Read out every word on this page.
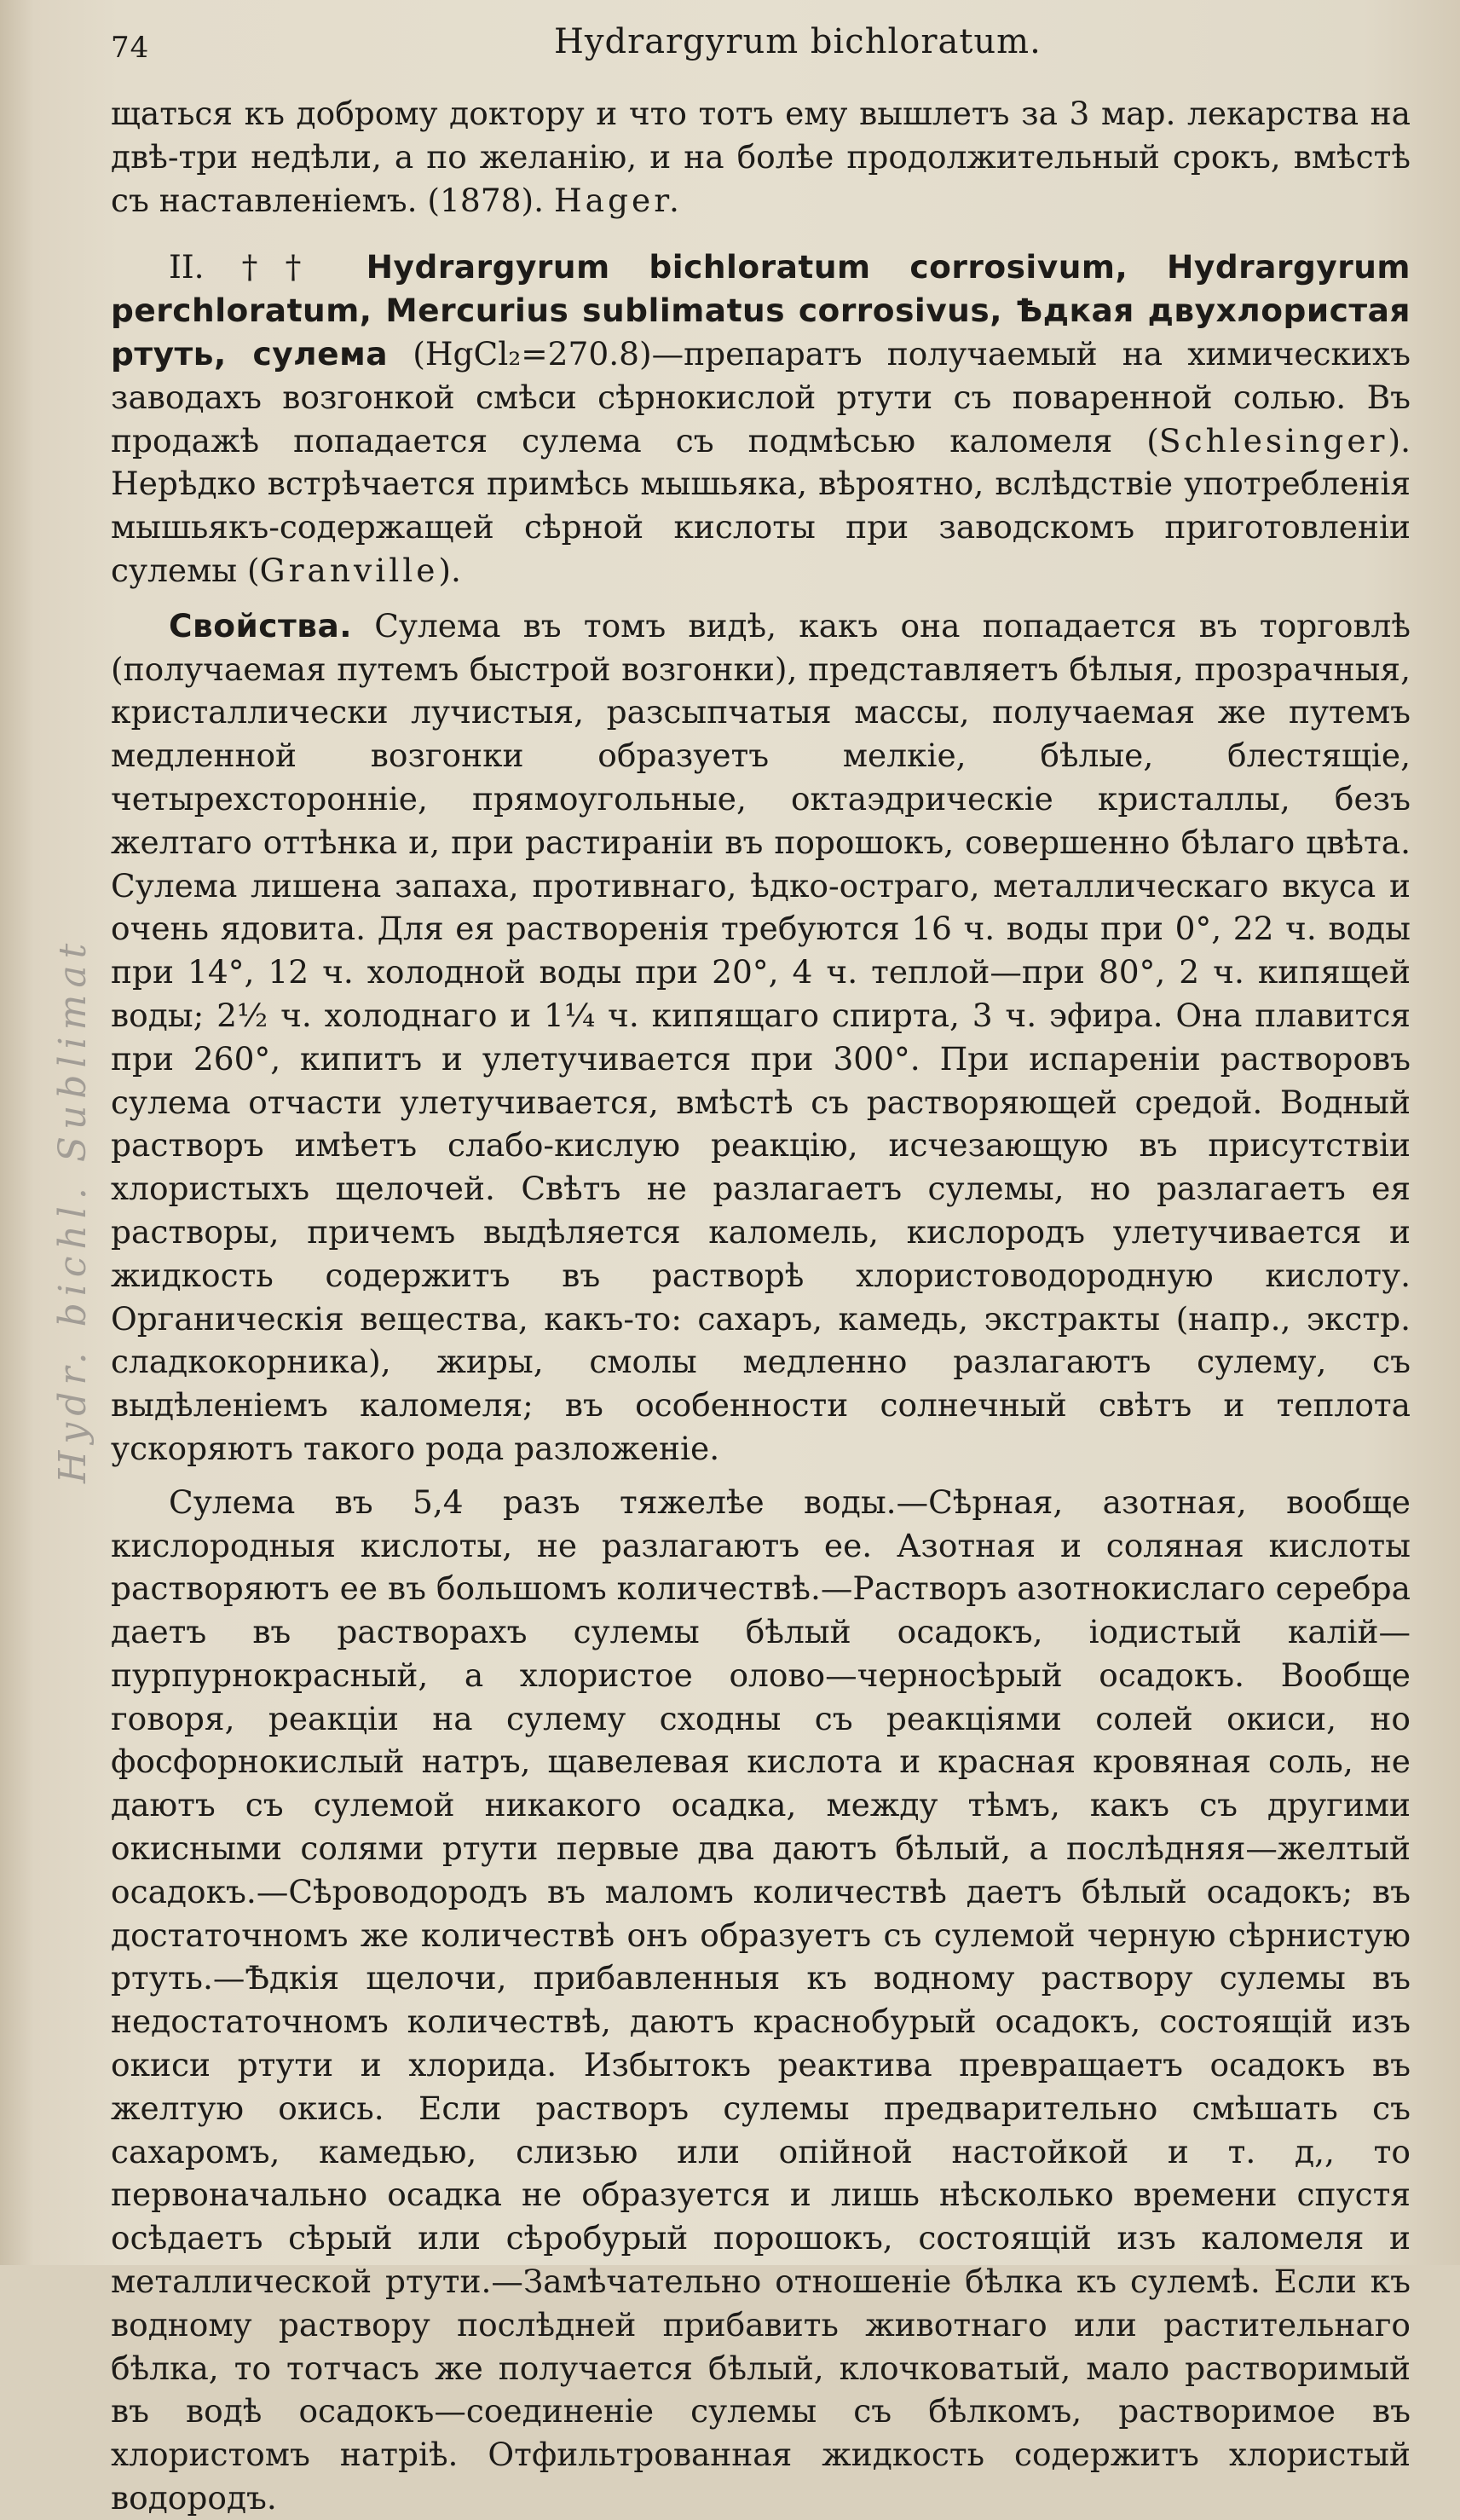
Hydr. bichl. Sublimat
74	Hydrargyrum bichloratum.

щаться къ доброму доктору и что тотъ ему вышлетъ за 3 мар. лекарства на двѣ-три недѣли, а по желанію, и на болѣе продолжительный срокъ, вмѣстѣ съ наставленіемъ. (1878). Hager.

II. †† Hydrargyrum bichloratum corrosivum, Hydrargyrum perchloratum, Mercurius sublimatus corrosivus, Ѣдкая двухлористая ртуть, сулема (HgCl₂=270.8)—препаратъ получаемый на химическихъ заводахъ возгонкой смѣси сѣрнокислой ртути съ поваренной солью. Въ продажѣ попадается сулема съ подмѣсью каломеля (Schlesinger). Нерѣдко встрѣчается примѣсь мышьяка, вѣроятно, вслѣдствіе употребленія мышьякъ-содержащей сѣрной кислоты при заводскомъ приготовленіи сулемы (Granville).

Свойства. Сулема въ томъ видѣ, какъ она попадается въ торговлѣ (получаемая путемъ быстрой возгонки), представляетъ бѣлыя, прозрачныя, кристаллически лучистыя, разсыпчатыя массы, получаемая же путемъ медленной возгонки образуетъ мелкіе, бѣлые, блестящіе, четырехсторонніе, прямоугольные, октаэдрическіе кристаллы, безъ желтаго оттѣнка и, при растираніи въ порошокъ, совершенно бѣлаго цвѣта. Сулема лишена запаха, противнаго, ѣдко-остраго, металлическаго вкуса и очень ядовита. Для ея растворенія требуются 16 ч. воды при 0°, 22 ч. воды при 14°, 12 ч. холодной воды при 20°, 4 ч. теплой—при 80°, 2 ч. кипящей воды; 2½ ч. холоднаго и 1¼ ч. кипящаго спирта, 3 ч. эфира. Она плавится при 260°, кипитъ и улетучивается при 300°. При испареніи растворовъ сулема отчасти улетучивается, вмѣстѣ съ растворяющей средой. Водный растворъ имѣетъ слабо-кислую реакцію, исчезающую въ присутствіи хлористыхъ щелочей. Свѣтъ не разлагаетъ сулемы, но разлагаетъ ея растворы, причемъ выдѣляется каломель, кислородъ улетучивается и жидкость содержитъ въ растворѣ хлористоводородную кислоту. Органическія вещества, какъ-то: сахаръ, камедь, экстракты (напр., экстр. сладкокорника), жиры, смолы медленно разлагаютъ сулему, съ выдѣленіемъ каломеля; въ особенности солнечный свѣтъ и теплота ускоряютъ такого рода разложеніе.

Сулема въ 5,4 разъ тяжелѣе воды.—Сѣрная, азотная, вообще кислородныя кислоты, не разлагаютъ ее. Азотная и соляная кислоты растворяютъ ее въ большомъ количествѣ.—Растворъ азотнокислаго серебра даетъ въ растворахъ сулемы бѣлый осадокъ, іодистый калій—пурпурнокрасный, а хлористое олово—черносѣрый осадокъ. Вообще говоря, реакціи на сулему сходны съ реакціями солей окиси, но фосфорнокислый натръ, щавелевая кислота и красная кровяная соль, не даютъ съ сулемой никакого осадка, между тѣмъ, какъ съ другими окисными солями ртути первые два даютъ бѣлый, а послѣдняя—желтый осадокъ.—Сѣроводородъ въ маломъ количествѣ даетъ бѣлый осадокъ; въ достаточномъ же количествѣ онъ образуетъ съ сулемой черную сѣрнистую ртуть.—Ѣдкія щелочи, прибавленныя къ водному раствору сулемы въ недостаточномъ количествѣ, даютъ краснобурый осадокъ, состоящій изъ окиси ртути и хлорида. Избытокъ реактива превращаетъ осадокъ въ желтую окись. Если растворъ сулемы предварительно смѣшать съ сахаромъ, камедью, слизью или опійной настойкой и т. д,, то первоначально осадка не образуется и лишь нѣсколько времени спустя осѣдаетъ сѣрый или сѣробурый порошокъ, состоящій изъ каломеля и металлической ртути.—Замѣчательно отношеніе бѣлка къ сулемѣ. Если къ водному раствору послѣдней прибавить животнаго или растительнаго бѣлка, то тотчасъ же получается бѣлый, клочковатый, мало растворимый въ водѣ осадокъ—соединеніе сулемы съ бѣлкомъ, растворимое въ хлористомъ натріѣ. Отфильтрованная жидкость содержитъ хлористый водородъ.
